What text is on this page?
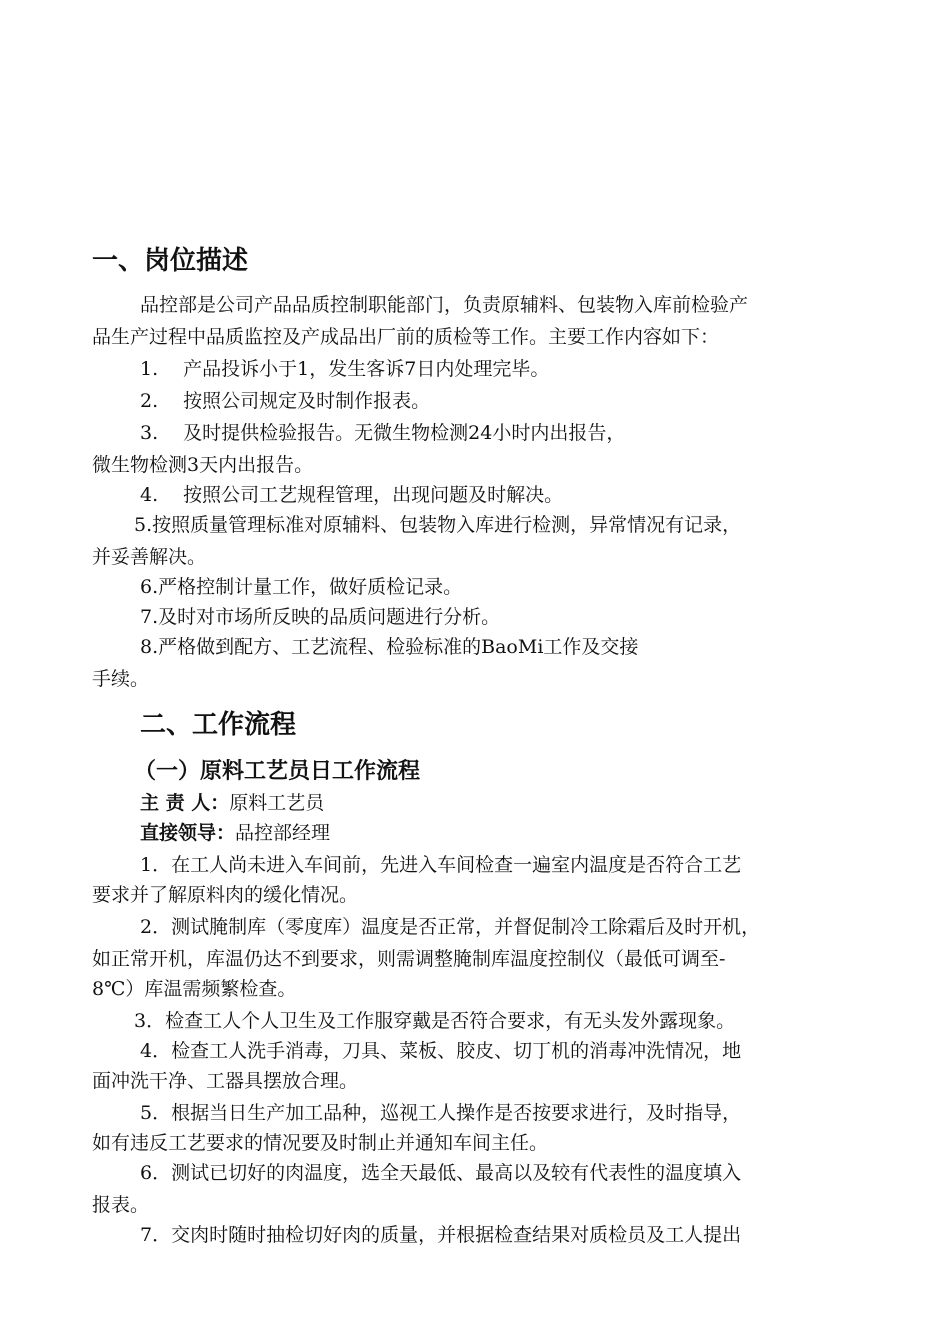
一、岗位描述

品控部是公司产品品质控制职能部门，负责原辅料、包装物入库前检验产

品生产过程中品质监控及产成品出厂前的质检等工作。主要工作内容如下：

1.　 产品投诉小于1，发生客诉7日内处理完毕。

2.　 按照公司规定及时制作报表。

3.　 及时提供检验报告。无微生物检测24小时内出报告，

微生物检测3天内出报告。

4.　 按照公司工艺规程管理，出现问题及时解决。

5.按照质量管理标准对原辅料、包装物入库进行检测，异常情况有记录，

并妥善解决。

6.严格控制计量工作，做好质检记录。

7.及时对市场所反映的品质问题进行分析。

8.严格做到配方、工艺流程、检验标准的BaoMi工作及交接

手续。

二、工作流程
（一）原料工艺员日工作流程

主 责 人：原料工艺员

直接领导：品控部经理

1．在工人尚未进入车间前，先进入车间检查一遍室内温度是否符合工艺

要求并了解原料肉的缓化情况。

2．测试腌制库（零度库）温度是否正常，并督促制冷工除霜后及时开机，

如正常开机，库温仍达不到要求，则需调整腌制库温度控制仪（最低可调至-

8℃）库温需频繁检查。

3．检查工人个人卫生及工作服穿戴是否符合要求，有无头发外露现象。

4．检查工人洗手消毒，刀具、菜板、胶皮、切丁机的消毒冲洗情况，地

面冲洗干净、工器具摆放合理。

5．根据当日生产加工品种，巡视工人操作是否按要求进行，及时指导，

如有违反工艺要求的情况要及时制止并通知车间主任。

6．测试已切好的肉温度，选全天最低、最高以及较有代表性的温度填入

报表。

7．交肉时随时抽检切好肉的质量，并根据检查结果对质检员及工人提出
